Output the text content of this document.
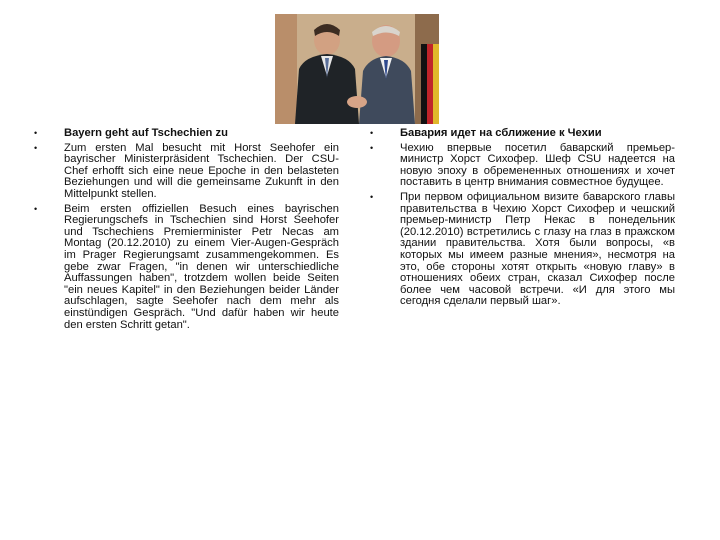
• Bayern geht auf Tschechien zu
• Zum ersten Mal besucht mit Horst Seehofer ein bayrischer Ministerpräsident Tschechien. Der CSU-Chef erhofft sich eine neue Epoche in den belasteten Beziehungen und will die gemeinsame Zukunft in den Mittelpunkt stellen.
• Beim ersten offiziellen Besuch eines bayrischen Regierungschefs in Tschechien sind Horst Seehofer und Tschechiens Premierminister Petr Necas am Montag (20.12.2010) zu einem Vier-Augen-Gespräch im Prager Regierungsamt zusammengekommen. Es gebe zwar Fragen, "in denen wir unterschiedliche Auffassungen haben", trotzdem wollen beide Seiten "ein neues Kapitel" in den Beziehungen beider Länder aufschlagen, sagte Seehofer nach dem mehr als einstündigen Gespräch. "Und dafür haben wir heute den ersten Schritt getan".
• Бавария идет на сближение к Чехии
• Чехию впервые посетил баварский премьер-министр Хорст Сихофер. Шеф CSU надеется на новую эпоху в обремененных отношениях и хочет поставить в центр внимания совместное будущее.
• При первом официальном визите баварского главы правительства в Чехию Хорст Сихофер и чешский премьер-министр Петр Некас в понедельник (20.12.2010) встретились с глазу на глаз в пражском здании правительства. Хотя были вопросы, «в которых мы имеем разные мнения», несмотря на это, обе стороны хотят открыть «новую главу» в отношениях обеих стран, сказал Сихофер после более чем часовой встречи. «И для этого мы сегодня сделали первый шаг».
